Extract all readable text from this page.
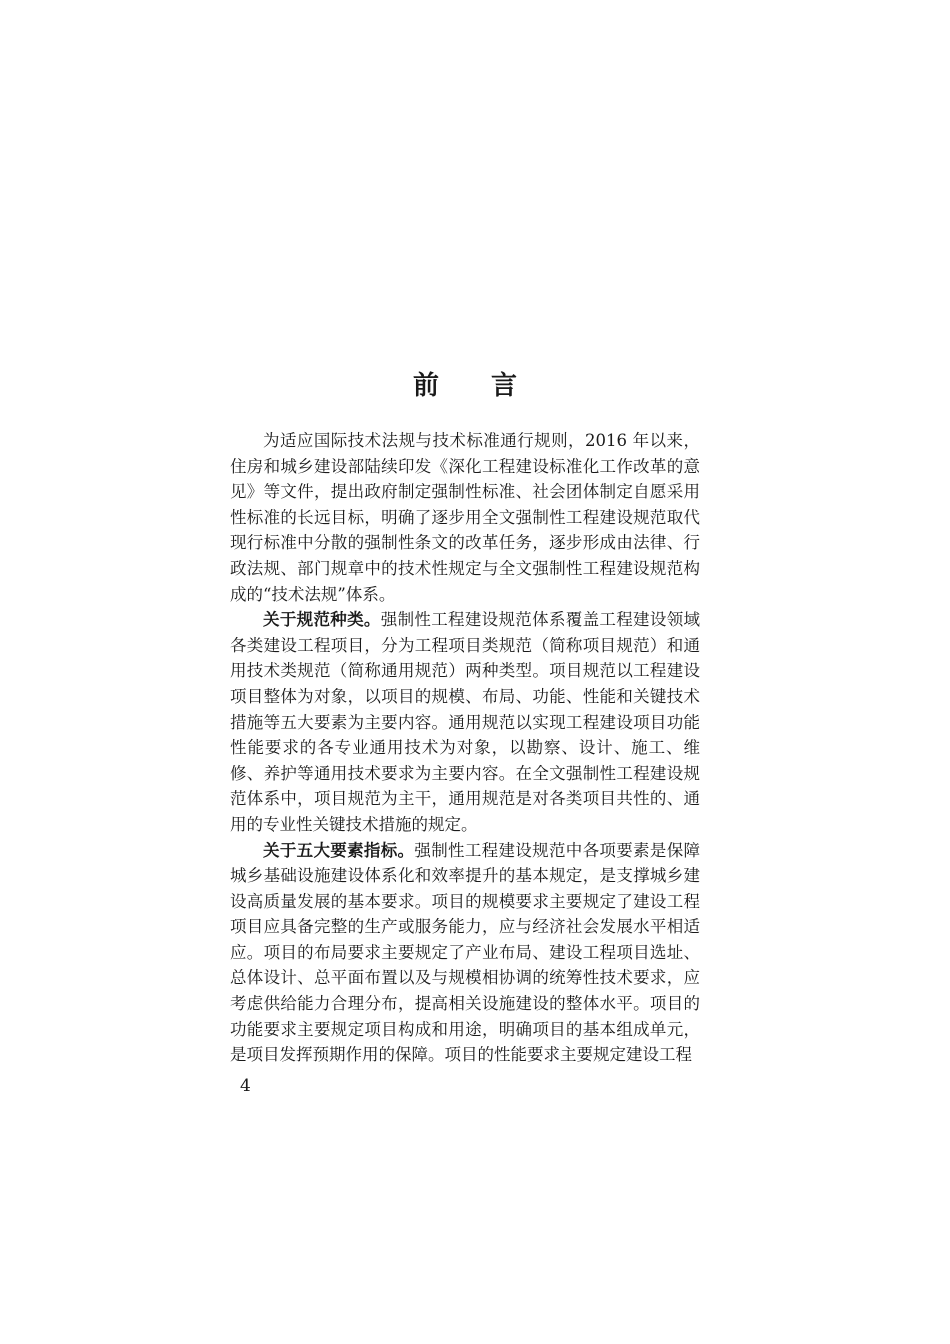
前 言

为适应国际技术法规与技术标准通行规则，2016 年以来，住房和城乡建设部陆续印发《深化工程建设标准化工作改革的意见》等文件，提出政府制定强制性标准、社会团体制定自愿采用性标准的长远目标，明确了逐步用全文强制性工程建设规范取代现行标准中分散的强制性条文的改革任务，逐步形成由法律、行政法规、部门规章中的技术性规定与全文强制性工程建设规范构成的“技术法规”体系。

关于规范种类。强制性工程建设规范体系覆盖工程建设领域各类建设工程项目，分为工程项目类规范（简称项目规范）和通用技术类规范（简称通用规范）两种类型。项目规范以工程建设项目整体为对象，以项目的规模、布局、功能、性能和关键技术措施等五大要素为主要内容。通用规范以实现工程建设项目功能性能要求的各专业通用技术为对象，以勘察、设计、施工、维修、养护等通用技术要求为主要内容。在全文强制性工程建设规范体系中，项目规范为主干，通用规范是对各类项目共性的、通用的专业性关键技术措施的规定。

关于五大要素指标。强制性工程建设规范中各项要素是保障城乡基础设施建设体系化和效率提升的基本规定，是支撑城乡建设高质量发展的基本要求。项目的规模要求主要规定了建设工程项目应具备完整的生产或服务能力，应与经济社会发展水平相适应。项目的布局要求主要规定了产业布局、建设工程项目选址、总体设计、总平面布置以及与规模相协调的统筹性技术要求，应考虑供给能力合理分布，提高相关设施建设的整体水平。项目的功能要求主要规定项目构成和用途，明确项目的基本组成单元，是项目发挥预期作用的保障。项目的性能要求主要规定建设工程

4
